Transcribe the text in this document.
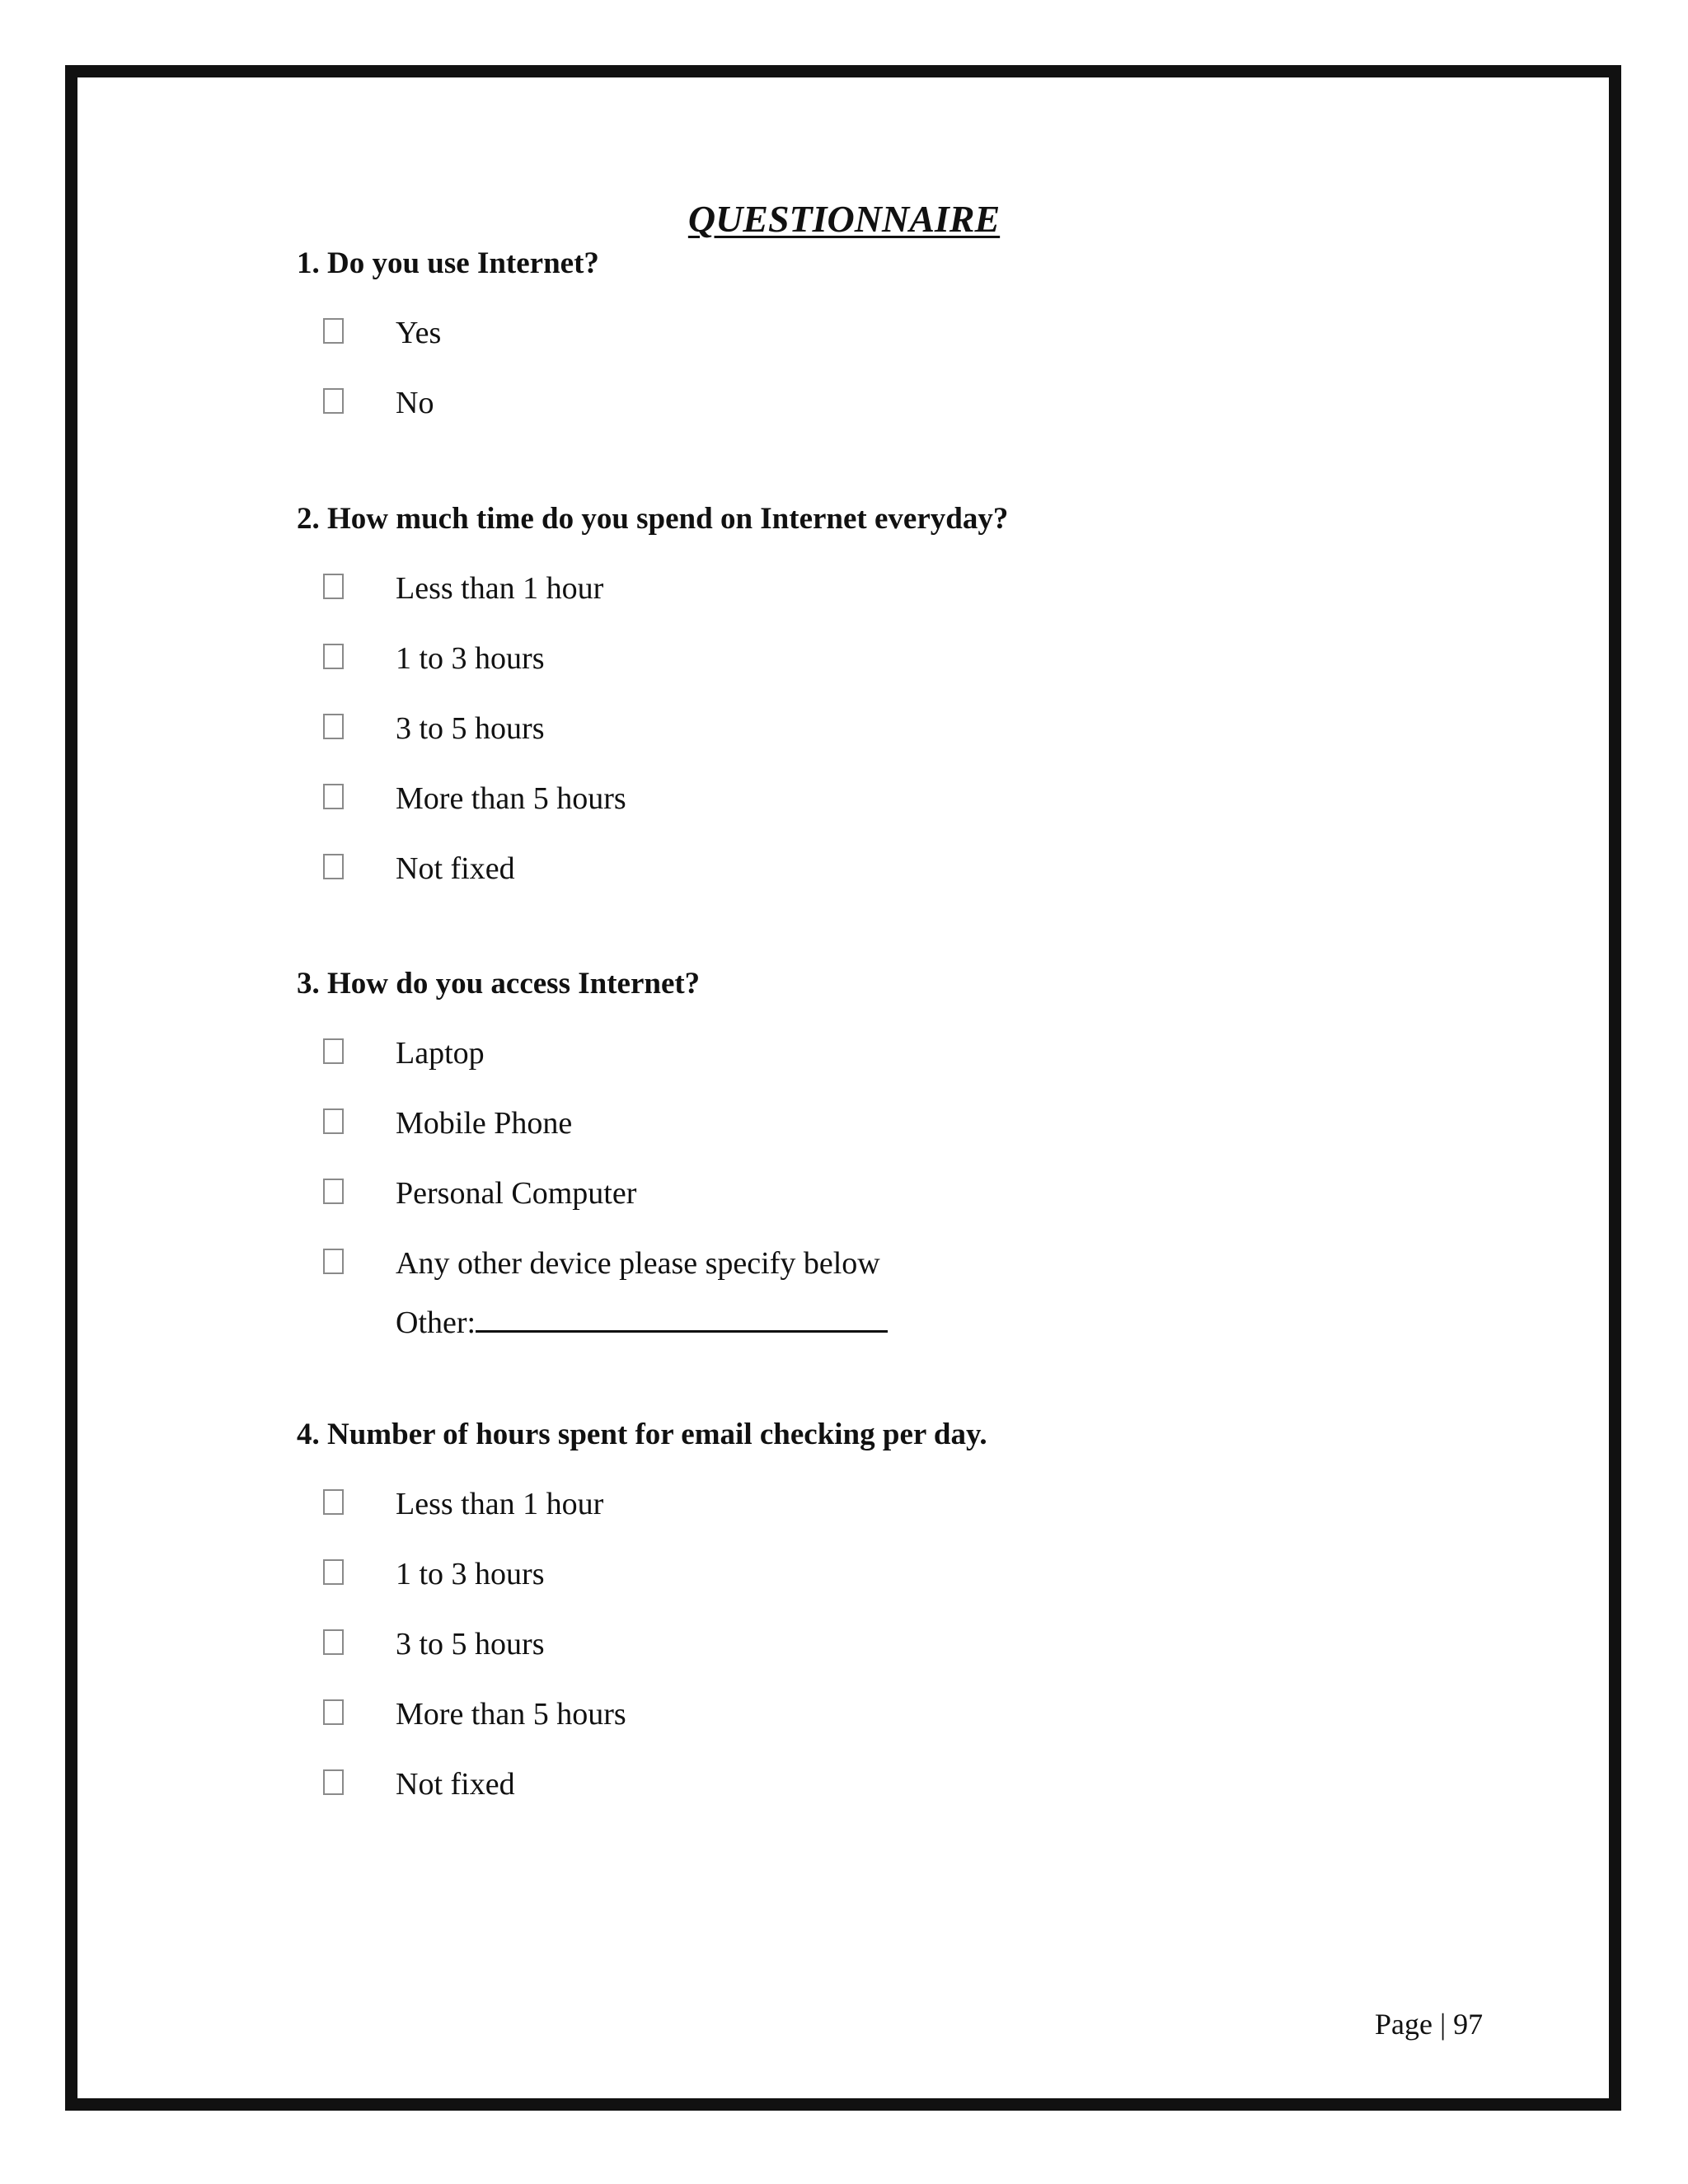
QUESTIONNAIRE

1. Do you use Internet?

Yes
No

2. How much time do you spend on Internet everyday?

Less than 1 hour
1 to 3 hours
3 to 5 hours
More than 5 hours
Not fixed

3. How do you access Internet?

Laptop
Mobile Phone
Personal Computer
Any other device please specify below
Other:

4. Number of hours spent for email checking per day.

Less than 1 hour
1 to 3 hours
3 to 5 hours
More than 5 hours
Not fixed
Page | 97
